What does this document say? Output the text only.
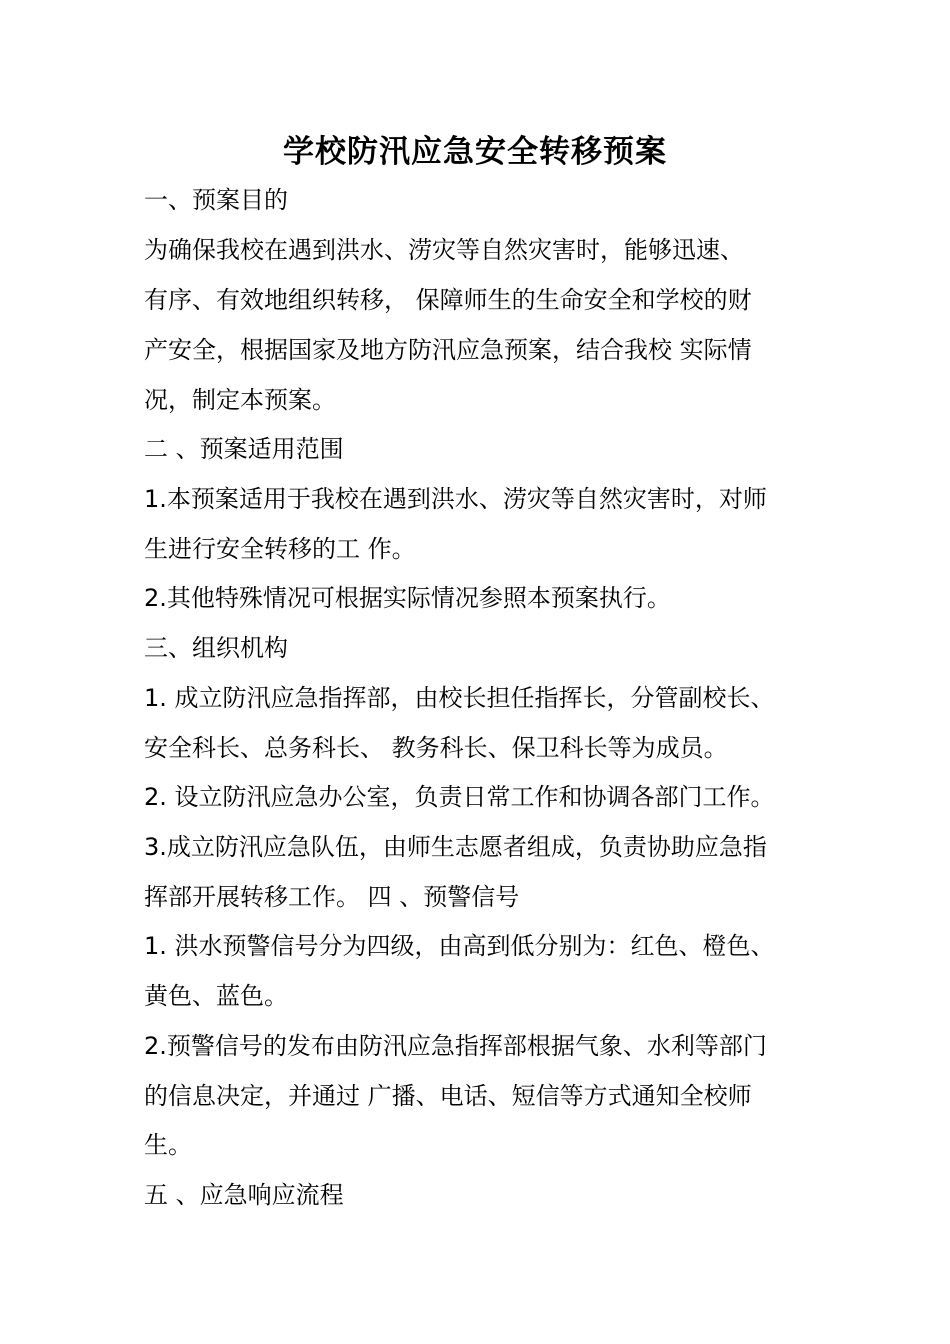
学校防汛应急安全转移预案
一、预案目的
为确保我校在遇到洪水、涝灾等自然灾害时，能够迅速、
有序、有效地组织转移， 保障师生的生命安全和学校的财
产安全，根据国家及地方防汛应急预案，结合我校 实际情
况，制定本预案。
二 、预案适用范围
1.本预案适用于我校在遇到洪水、涝灾等自然灾害时，对师
生进行安全转移的工 作。
2.其他特殊情况可根据实际情况参照本预案执行。
三、组织机构
1. 成立防汛应急指挥部，由校长担任指挥长，分管副校长、
安全科长、总务科长、 教务科长、保卫科长等为成员。
2. 设立防汛应急办公室，负责日常工作和协调各部门工作。
3.成立防汛应急队伍，由师生志愿者组成，负责协助应急指
挥部开展转移工作。 四 、预警信号
1. 洪水预警信号分为四级，由高到低分别为：红色、橙色、
黄色、蓝色。
2.预警信号的发布由防汛应急指挥部根据气象、水利等部门
的信息决定，并通过 广播、电话、短信等方式通知全校师
生。
五 、应急响应流程
